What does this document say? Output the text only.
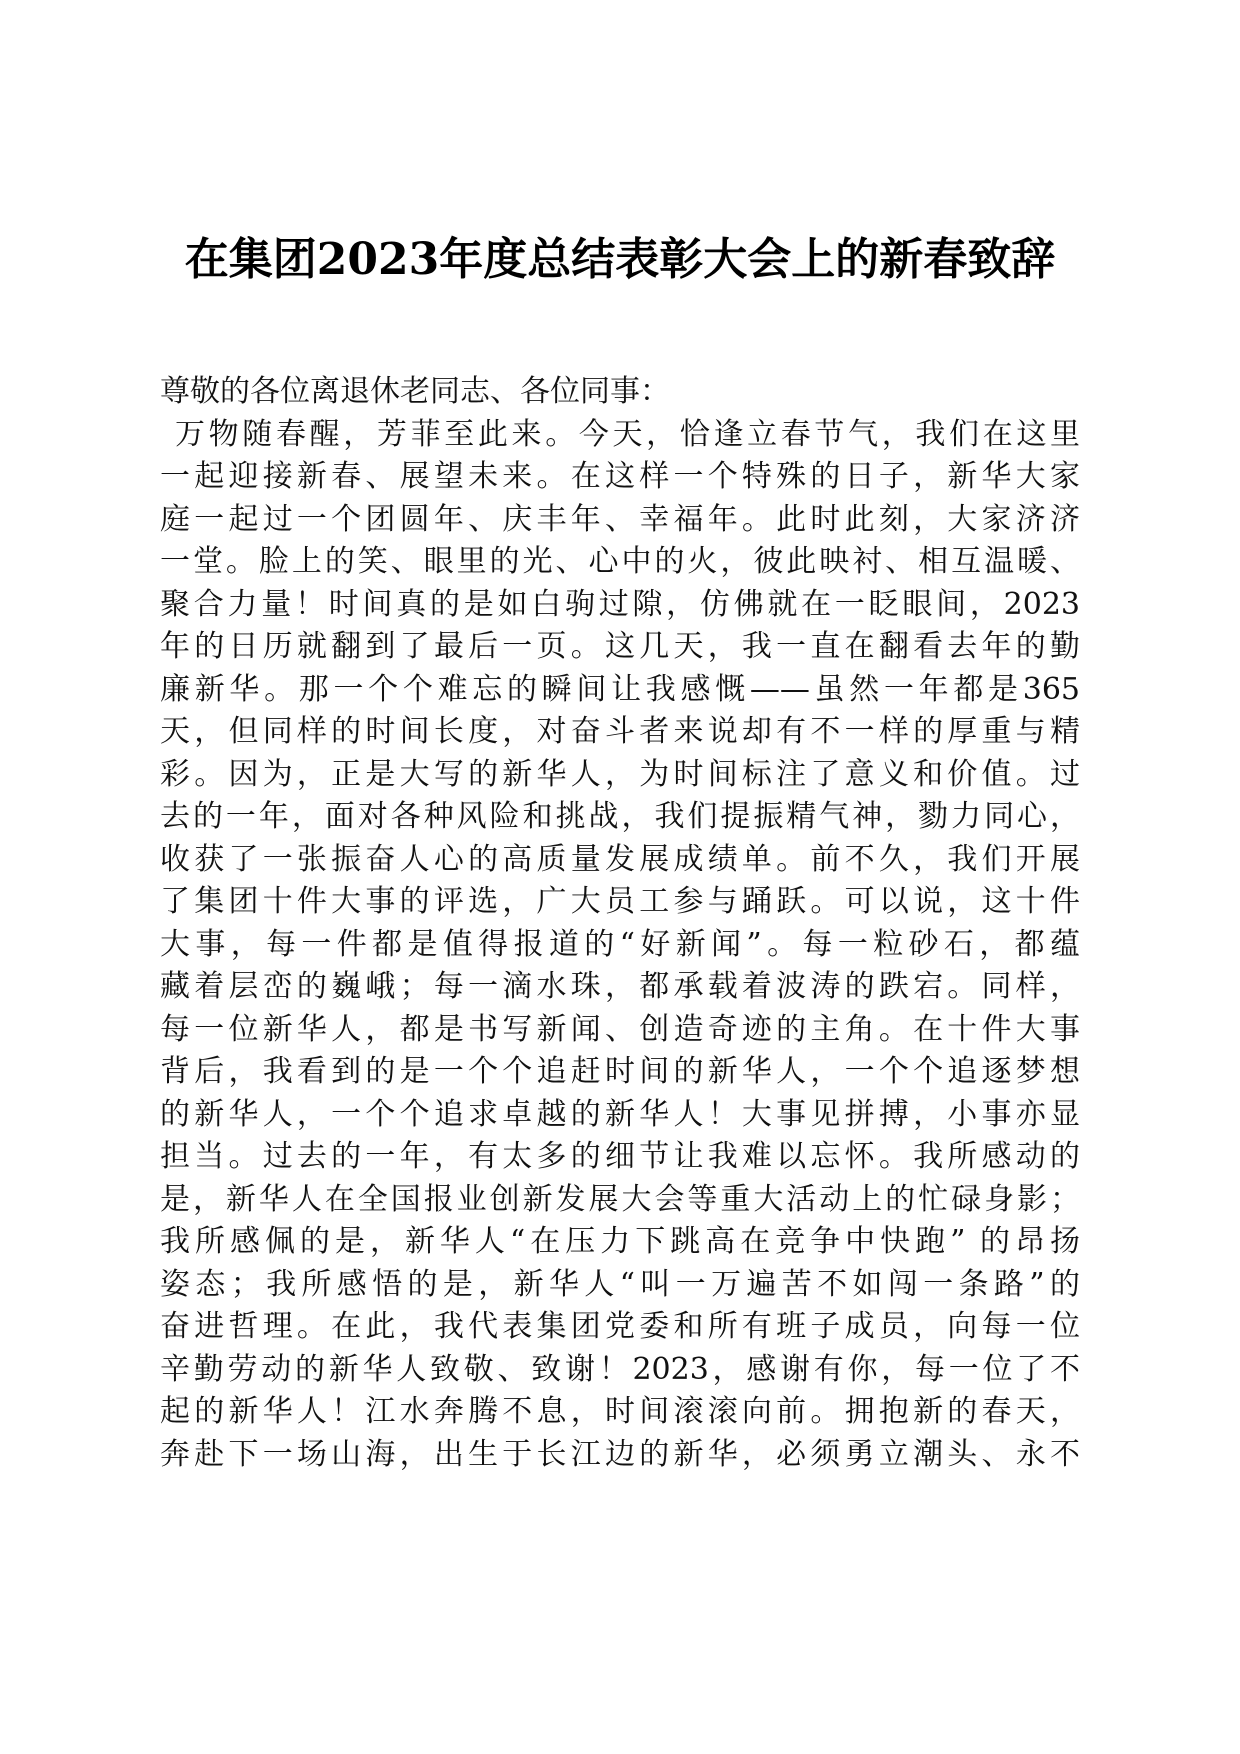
在集团2023年度总结表彰大会上的新春致辞
尊敬的各位离退休老同志、各位同事：
万物随春醒，芳菲至此来。今天，恰逢立春节气，我们在这里
一起迎接新春、展望未来。在这样一个特殊的日子，新华大家
庭一起过一个团圆年、庆丰年、幸福年。此时此刻，大家济济
一堂。脸上的笑、眼里的光、心中的火，彼此映衬、相互温暖、
聚合力量！时间真的是如白驹过隙，仿佛就在一眨眼间，2023
年的日历就翻到了最后一页。这几天，我一直在翻看去年的勤
廉新华。那一个个难忘的瞬间让我感慨——虽然一年都是365
天，但同样的时间长度，对奋斗者来说却有不一样的厚重与精
彩。因为，正是大写的新华人，为时间标注了意义和价值。过
去的一年，面对各种风险和挑战，我们提振精气神，勠力同心，
收获了一张振奋人心的高质量发展成绩单。前不久，我们开展
了集团十件大事的评选，广大员工参与踊跃。可以说，这十件
大事，每一件都是值得报道的“好新闻”。每一粒砂石，都蕴
藏着层峦的巍峨；每一滴水珠，都承载着波涛的跌宕。同样，
每一位新华人，都是书写新闻、创造奇迹的主角。在十件大事
背后，我看到的是一个个追赶时间的新华人，一个个追逐梦想
的新华人，一个个追求卓越的新华人！大事见拼搏，小事亦显
担当。过去的一年，有太多的细节让我难以忘怀。我所感动的
是，新华人在全国报业创新发展大会等重大活动上的忙碌身影；
我所感佩的是，新华人“在压力下跳高在竞争中快跑” 的昂扬
姿态；我所感悟的是，新华人“叫一万遍苦不如闯一条路”的
奋进哲理。在此，我代表集团党委和所有班子成员，向每一位
辛勤劳动的新华人致敬、致谢！2023，感谢有你，每一位了不
起的新华人！江水奔腾不息，时间滚滚向前。拥抱新的春天，
奔赴下一场山海，出生于长江边的新华，必须勇立潮头、永不
